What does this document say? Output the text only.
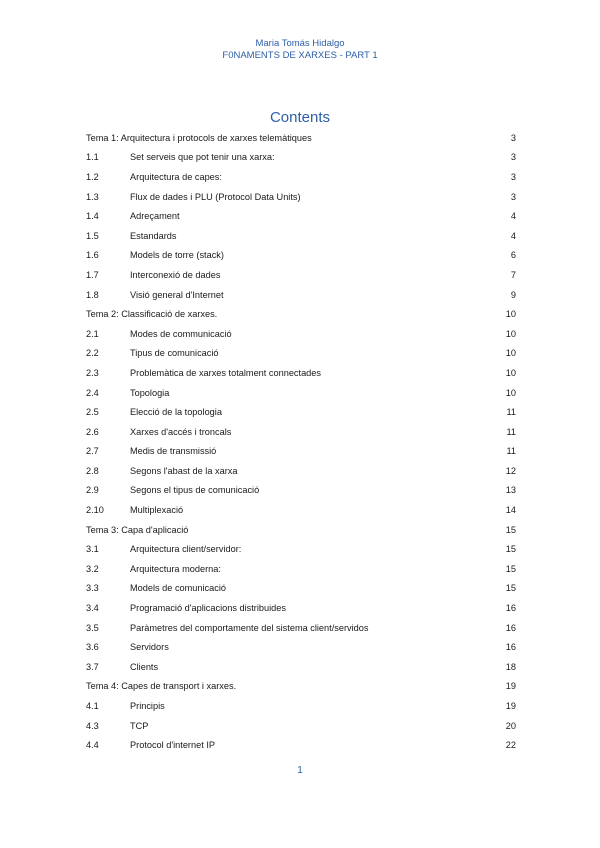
Maria Tomás Hidalgo
F0NAMENTS DE XARXES - PART 1
Contents
Tema 1: Arquitectura i protocols de xarxes telemàtiques	3
1.1	Set serveis que pot tenir una xarxa:	3
1.2	Arquitectura de capes:	3
1.3	Flux de dades i PLU (Protocol Data Units)	3
1.4	Adreçament	4
1.5	Estandards	4
1.6	Models de torre (stack)	6
1.7	Interconexió de dades	7
1.8	Visió general d'Internet	9
Tema 2: Classificació de xarxes.	10
2.1	Modes de communicació	10
2.2	Tipus de comunicació	10
2.3	Problemàtica de xarxes totalment connectades	10
2.4	Topologia	10
2.5	Elecció de la topologia	11
2.6	Xarxes d'accés i troncals	11
2.7	Medis de transmissió	11
2.8	Segons l'abast de la xarxa	12
2.9	Segons el tipus de comunicació	13
2.10	Multiplexació	14
Tema 3: Capa d'aplicació	15
3.1	Arquitectura client/servidor:	15
3.2	Arquitectura moderna:	15
3.3	Models de comunicació	15
3.4	Programació d'aplicacions distribuides	16
3.5	Paràmetres del comportamente del sistema client/servidos	16
3.6	Servidors	16
3.7	Clients	18
Tema 4: Capes de transport i xarxes.	19
4.1	Principis	19
4.3	TCP	20
4.4	Protocol d'internet IP	22
1
